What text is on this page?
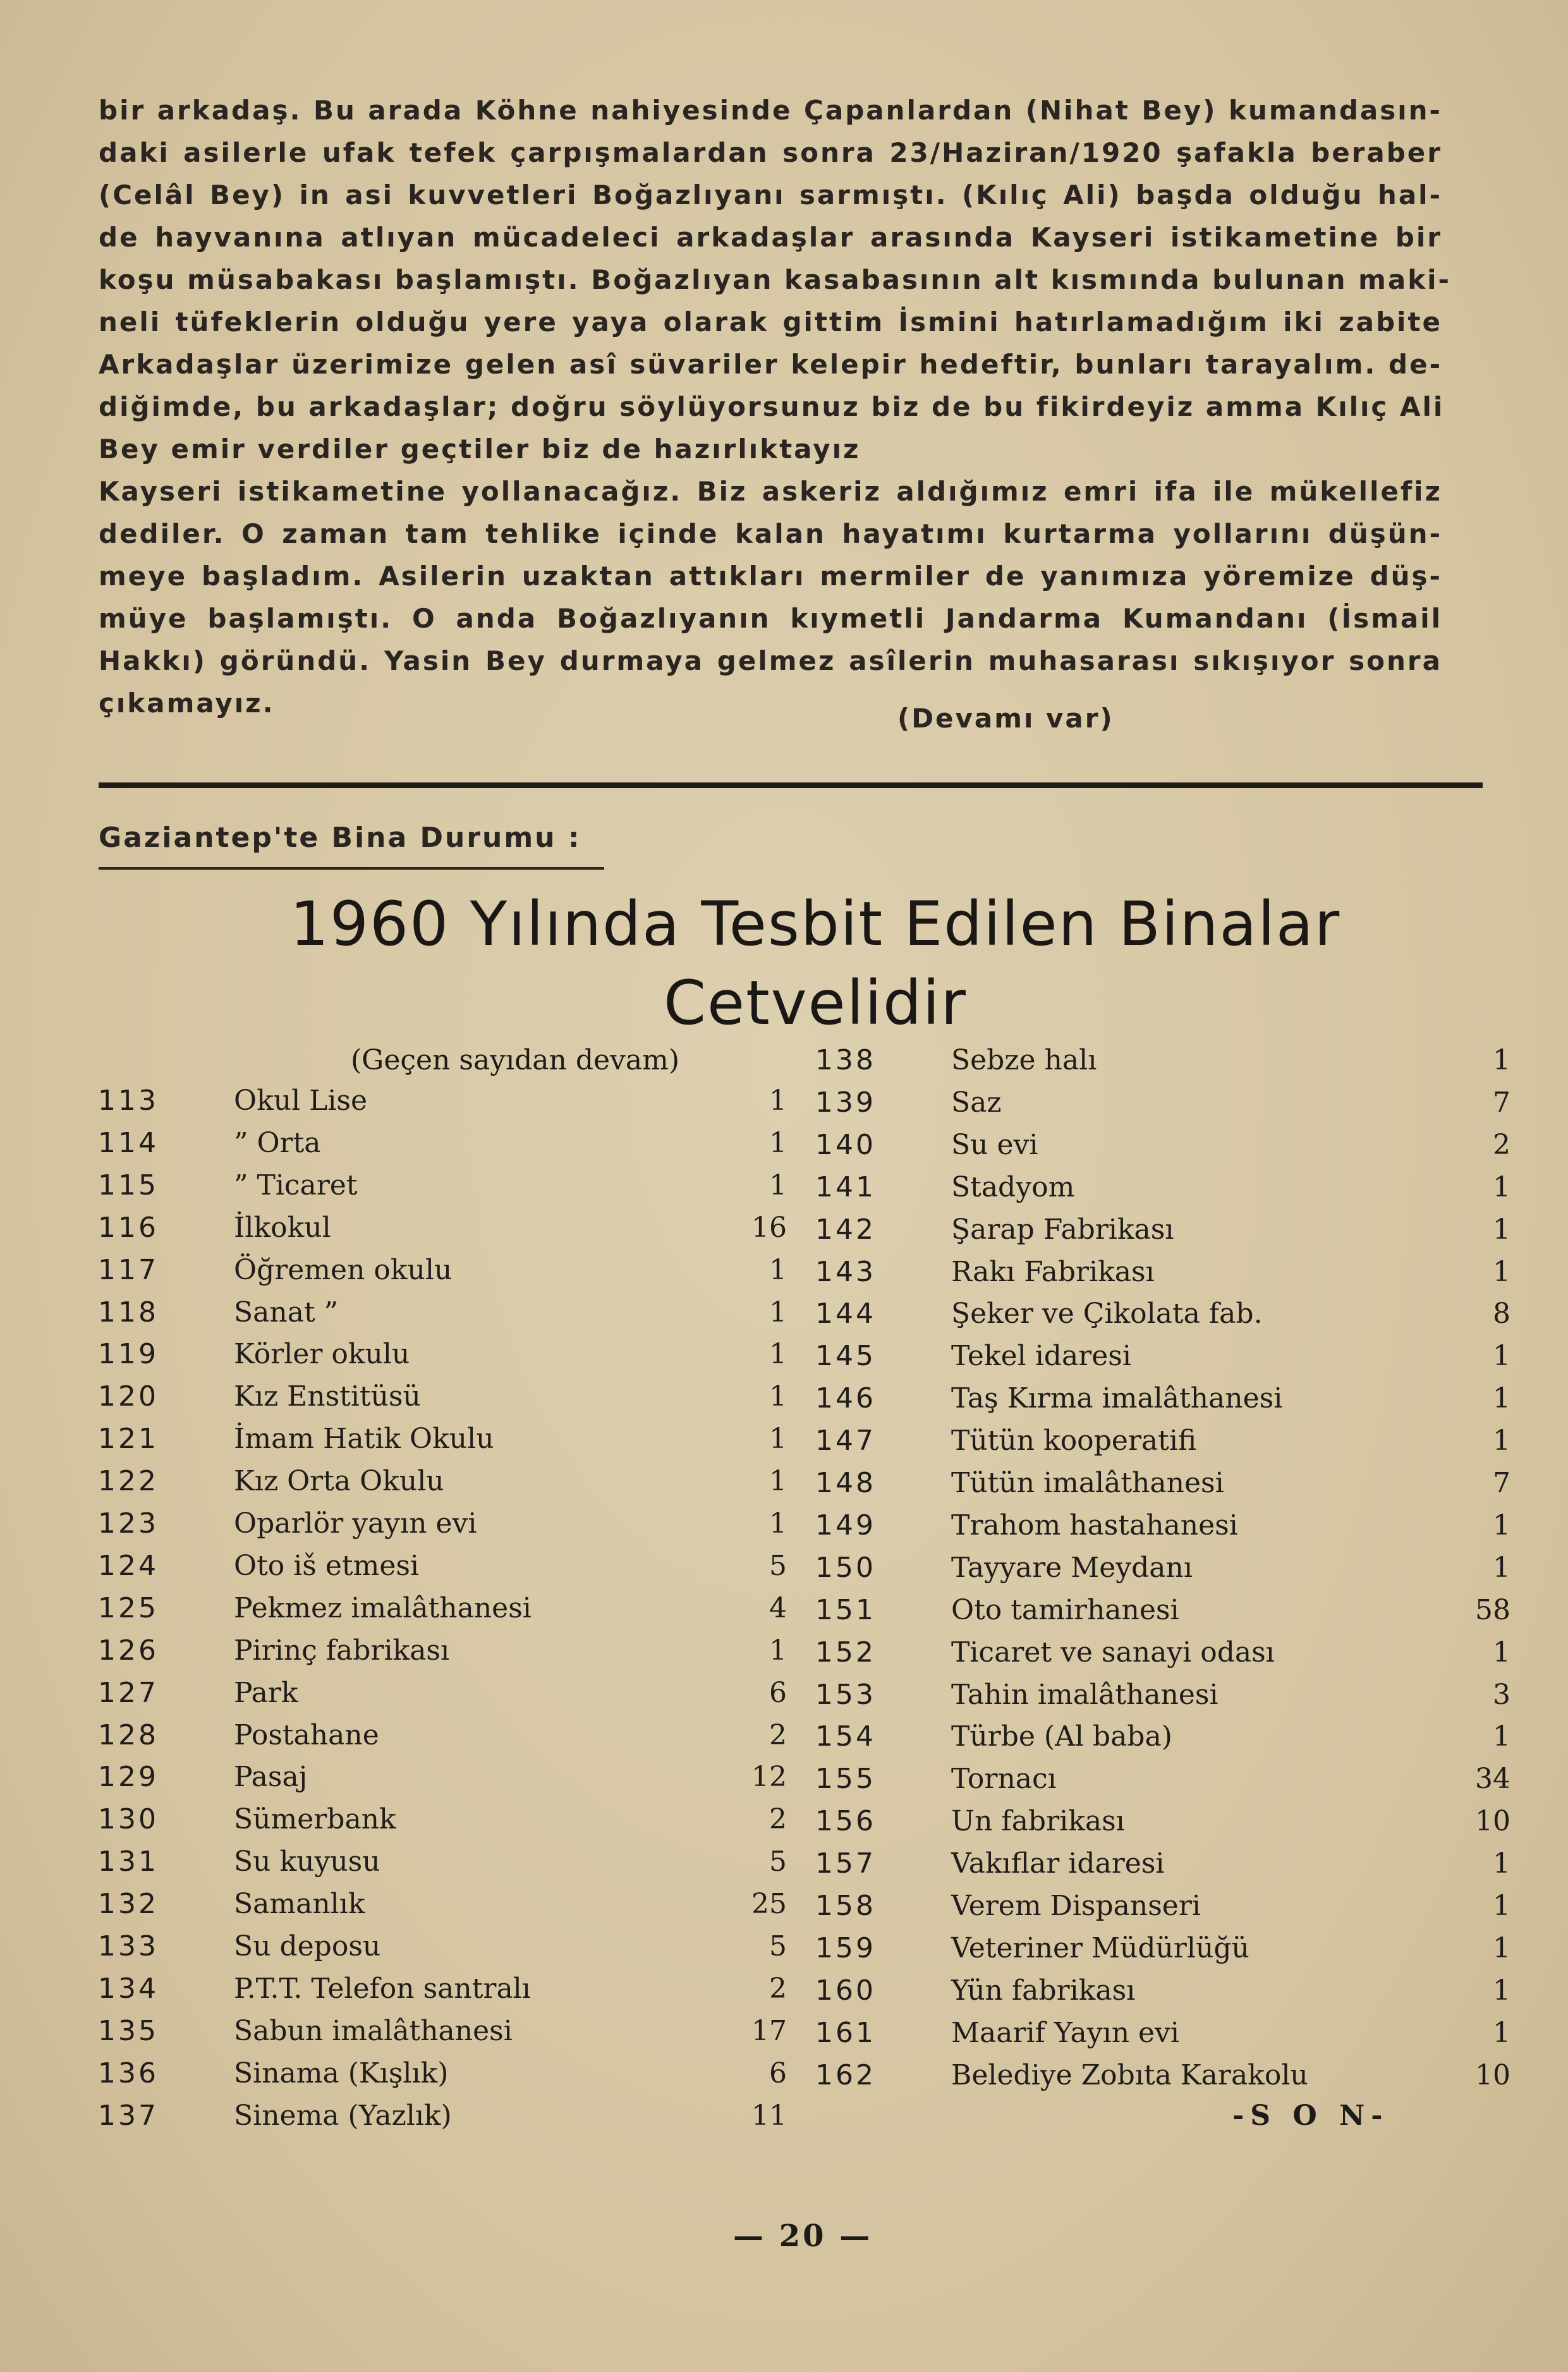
bir arkadaş. Bu arada Köhne nahiyesinde Çapanlardan (Nihat Bey) kumandasın-
daki asilerle ufak tefek çarpışmalardan sonra 23/Haziran/1920 şafakla beraber
(Celâl Bey) in asi kuvvetleri Boğazlıyanı sarmıştı. (Kılıç Ali) başda olduğu hal-
de hayvanına atlıyan mücadeleci arkadaşlar arasında Kayseri istikametine bir
koşu müsabakası başlamıştı. Boğazlıyan kasabasının alt kısmında bulunan maki-
neli tüfeklerin olduğu yere yaya olarak gittim İsmini hatırlamadığım iki zabite
Arkadaşlar üzerimize gelen asî süvariler kelepir hedeftir, bunları tarayalım. de-
diğimde, bu arkadaşlar; doğru söylüyorsunuz biz de bu fikirdeyiz amma Kılıç Ali
Bey emir verdiler geçtiler biz de hazırlıktayız
Kayseri istikametine yollanacağız. Biz askeriz aldığımız emri ifa ile mükellefiz
dediler. O zaman tam tehlike içinde kalan hayatımı kurtarma yollarını düşün-
meye başladım. Asilerin uzaktan attıkları mermiler de yanımıza yöremize düş-
müye başlamıştı. O anda Boğazlıyanın kıymetli Jandarma Kumandanı (İsmail
Hakkı) göründü. Yasin Bey durmaya gelmez asîlerin muhasarası sıkışıyor sonra
çıkamayız.	(Devamı var)
Gaziantep'te Bina Durumu :
1960 Yılında Tesbit Edilen Binalar
Cetvelidir
(Geçen sayıdan devam)
113	Okul Lise	1
114	” Orta	1
115	” Ticaret	1
116	İlkokul	16
117	Öğremen okulu	1
118	Sanat ”	1
119	Körler okulu	1
120	Kız Enstitüsü	1
121	İmam Hatik Okulu	1
122	Kız Orta Okulu	1
123	Oparlör yayın evi	1
124	Oto iš etmesi	5
125	Pekmez imalâthanesi	4
126	Pirinç fabrikası	1
127	Park	6
128	Postahane	2
129	Pasaj	12
130	Sümerbank	2
131	Su kuyusu	5
132	Samanlık	25
133	Su deposu	5
134	P.T.T. Telefon santralı	2
135	Sabun imalâthanesi	17
136	Sinama (Kışlık)	6
137	Sinema (Yazlık)	11
138	Sebze halı	1
139	Saz	7
140	Su evi	2
141	Stadyom	1
142	Şarap Fabrikası	1
143	Rakı Fabrikası	1
144	Şeker ve Çikolata fab.	8
145	Tekel idaresi	1
146	Taş Kırma imalâthanesi	1
147	Tütün kooperatifi	1
148	Tütün imalâthanesi	7
149	Trahom hastahanesi	1
150	Tayyare Meydanı	1
151	Oto tamirhanesi	58
152	Ticaret ve sanayi odası	1
153	Tahin imalâthanesi	3
154	Türbe (Al baba)	1
155	Tornacı	34
156	Un fabrikası	10
157	Vakıflar idaresi	1
158	Verem Dispanseri	1
159	Veteriner Müdürlüğü	1
160	Yün fabrikası	1
161	Maarif Yayın evi	1
162	Belediye Zobıta Karakolu	10
-S O N-
— 20 —
